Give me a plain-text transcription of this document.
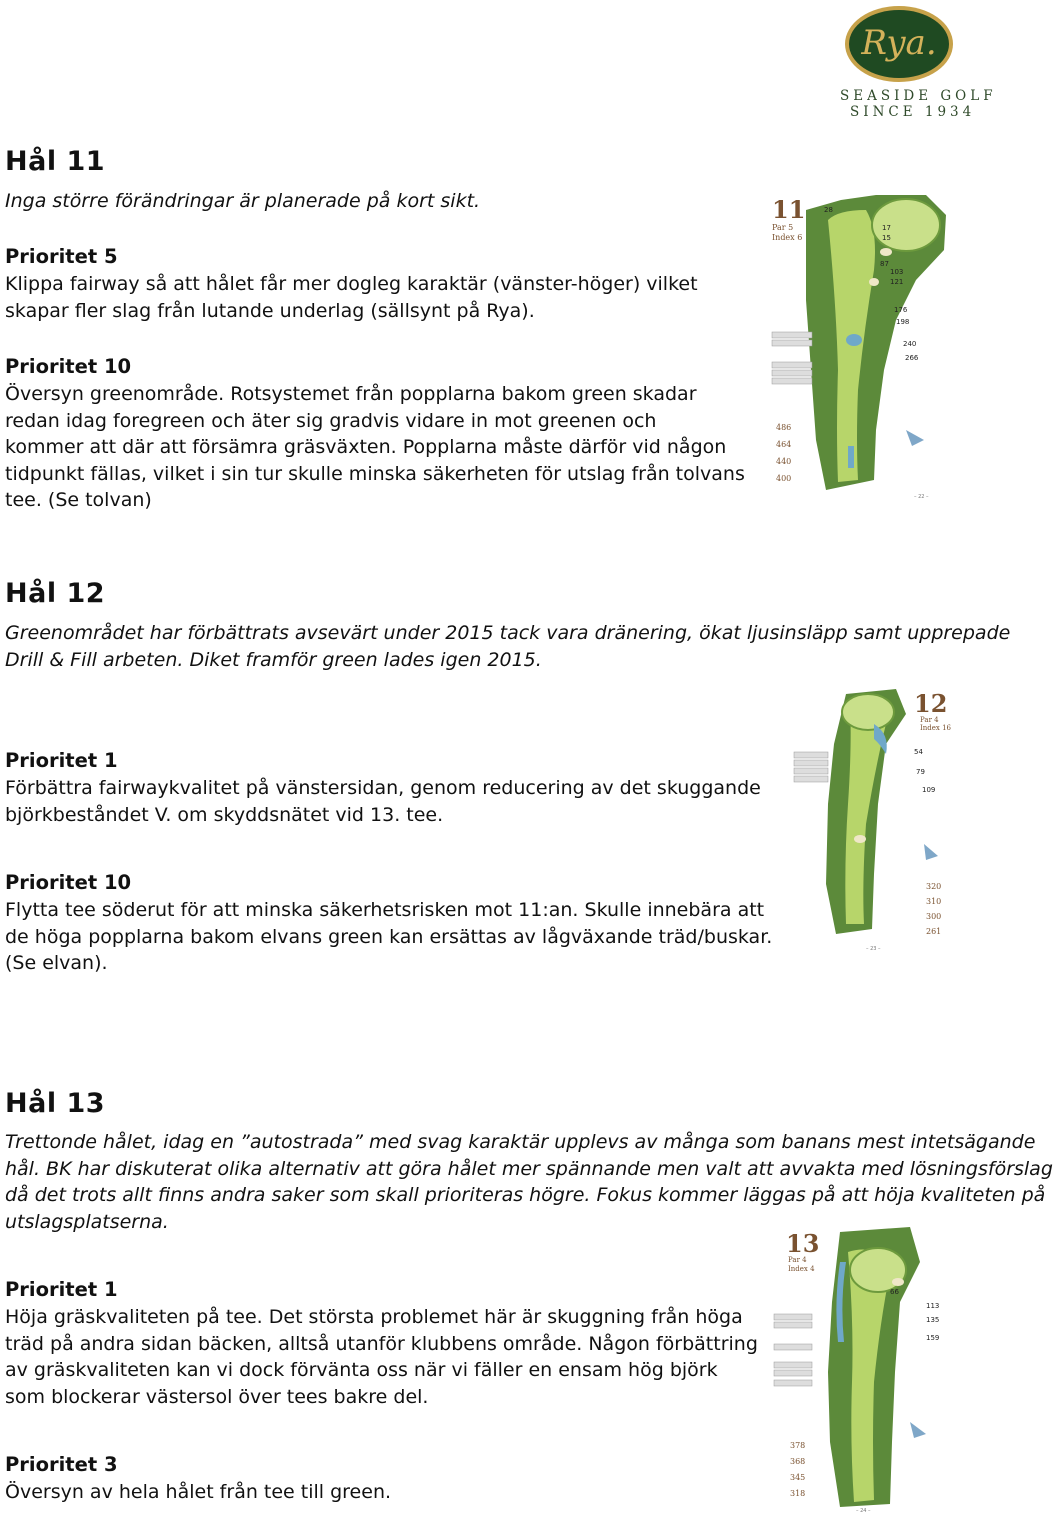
Rya.
SEASIDE GOLF
SINCE 1934
Hål 11
Inga större förändringar är planerade på kort sikt.
Prioritet 5
Klippa fairway så att hålet får mer dogleg karaktär (vänster-höger) vilket
skapar fler slag från lutande underlag (sällsynt på Rya).
Prioritet 10
Översyn greenområde. Rotsystemet från popplarna bakom green skadar
redan idag foregreen och äter sig gradvis vidare in mot greenen och
kommer att där att försämra gräsväxten. Popplarna måste därför vid någon
tidpunkt fällas, vilket i sin tur skulle minska säkerheten för utslag från tolvans
tee. (Se tolvan)
11
Par 5
Index 6
28
87
103
121
176
198
240
266
17
15
486
464
440
400
– 22 –
Hål 12
Greenområdet har förbättrats avsevärt under 2015 tack vara dränering, ökat ljusinsläpp samt upprepade
Drill & Fill arbeten. Diket framför green lades igen 2015.
Prioritet 1
Förbättra fairwaykvalitet på vänstersidan, genom reducering av det skuggande
björkbeståndet V. om skyddsnätet vid 13. tee.
Prioritet 10
Flytta tee söderut för att minska säkerhetsrisken mot 11:an. Skulle innebära att
de höga popplarna bakom elvans green kan ersättas av lågväxande träd/buskar.
(Se elvan).
12
Par 4
Index 16
54
79
109
320
310
300
261
– 23 –
Hål 13
Trettonde hålet, idag en ”autostrada” med svag karaktär upplevs av många som banans mest intetsägande
hål. BK har diskuterat olika alternativ att göra hålet mer spännande men valt att avvakta med lösningsförslag
då det trots allt finns andra saker som skall prioriteras högre. Fokus kommer läggas på att höja kvaliteten på
utslagsplatserna.
Prioritet 1
Höja gräskvaliteten på tee. Det största problemet här är skuggning från höga
träd på andra sidan bäcken, alltså utanför klubbens område. Någon förbättring
av gräskvaliteten kan vi dock förvänta oss när vi fäller en ensam hög björk
som blockerar västersol över tees bakre del.
Prioritet 3
Översyn av hela hålet från tee till green.
13
Par 4
Index 4
66
113
135
159
378
368
345
318
– 24 –
